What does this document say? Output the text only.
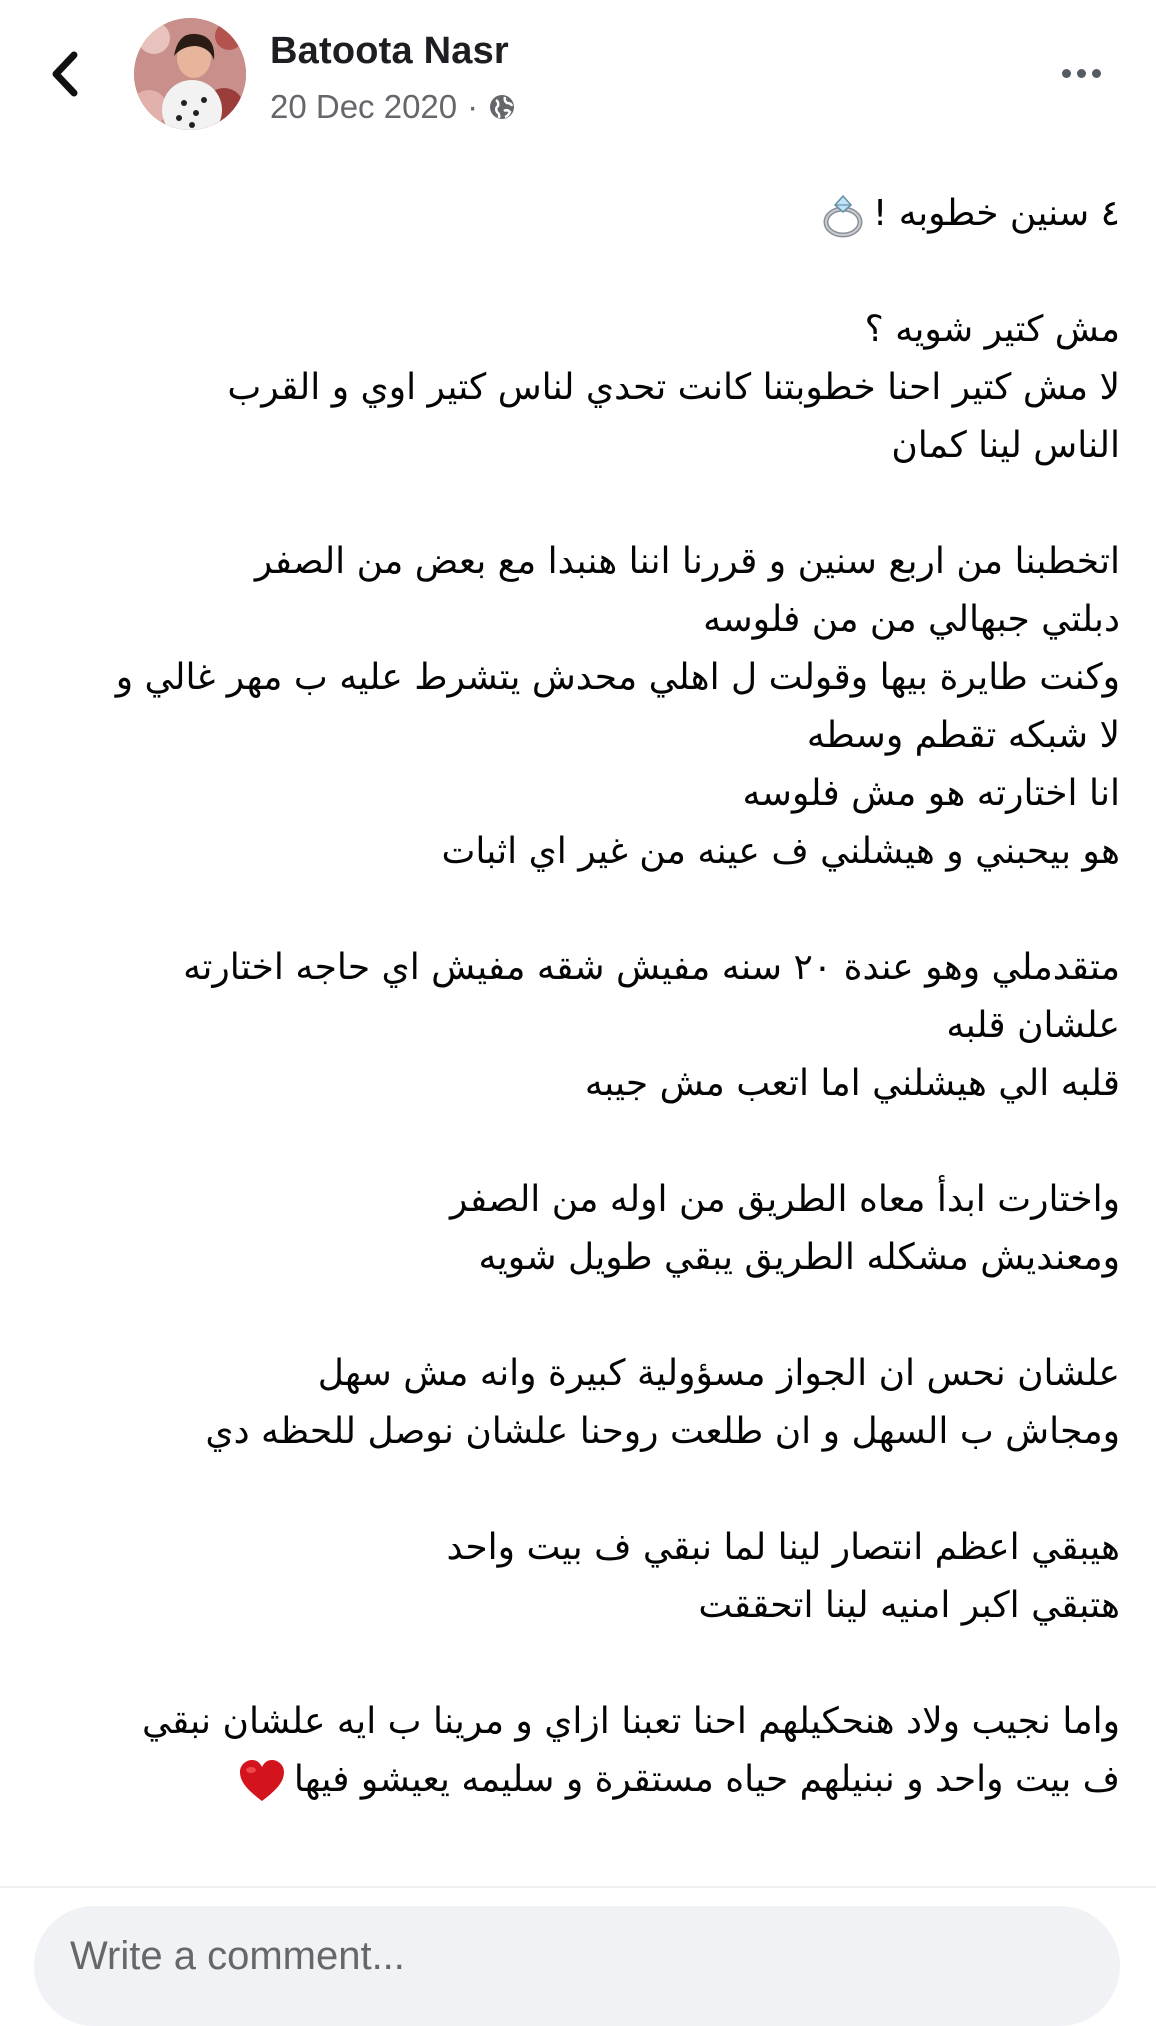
Batoota Nasr
20 Dec 2020 ·
٤ سنين خطوبه !

مش كتير شويه ؟
لا مش كتير احنا خطوبتنا كانت تحدي لناس كتير اوي و القرب
الناس لينا كمان

اتخطبنا من اربع سنين و قررنا اننا هنبدا مع بعض من الصفر
دبلتي جبهالي من من فلوسه
وكنت طايرة بيها وقولت ل اهلي محدش يتشرط عليه ب مهر غالي و
لا شبكه تقطم وسطه
انا اختارته هو مش فلوسه
هو بيحبني و هيشلني ف عينه من غير اي اثبات

متقدملي وهو عندة ٢٠ سنه مفيش شقه مفيش اي حاجه اختارته
علشان قلبه
قلبه الي هيشلني اما اتعب مش جيبه

واختارت ابدأ معاه الطريق من اوله من الصفر
ومعنديش مشكله الطريق يبقي طويل شويه

علشان نحس ان الجواز مسؤولية كبيرة وانه مش سهل
ومجاش ب السهل و ان طلعت روحنا علشان نوصل للحظه دي

هيبقي اعظم انتصار لينا لما نبقي ف بيت واحد
هتبقي اكبر امنيه لينا اتحققت

واما نجيب ولاد هنحكيلهم احنا تعبنا ازاي و مرينا ب ايه علشان نبقي
ف بيت واحد و نبنيلهم حياه مستقرة و سليمه يعيشو فيها
Write a comment...
